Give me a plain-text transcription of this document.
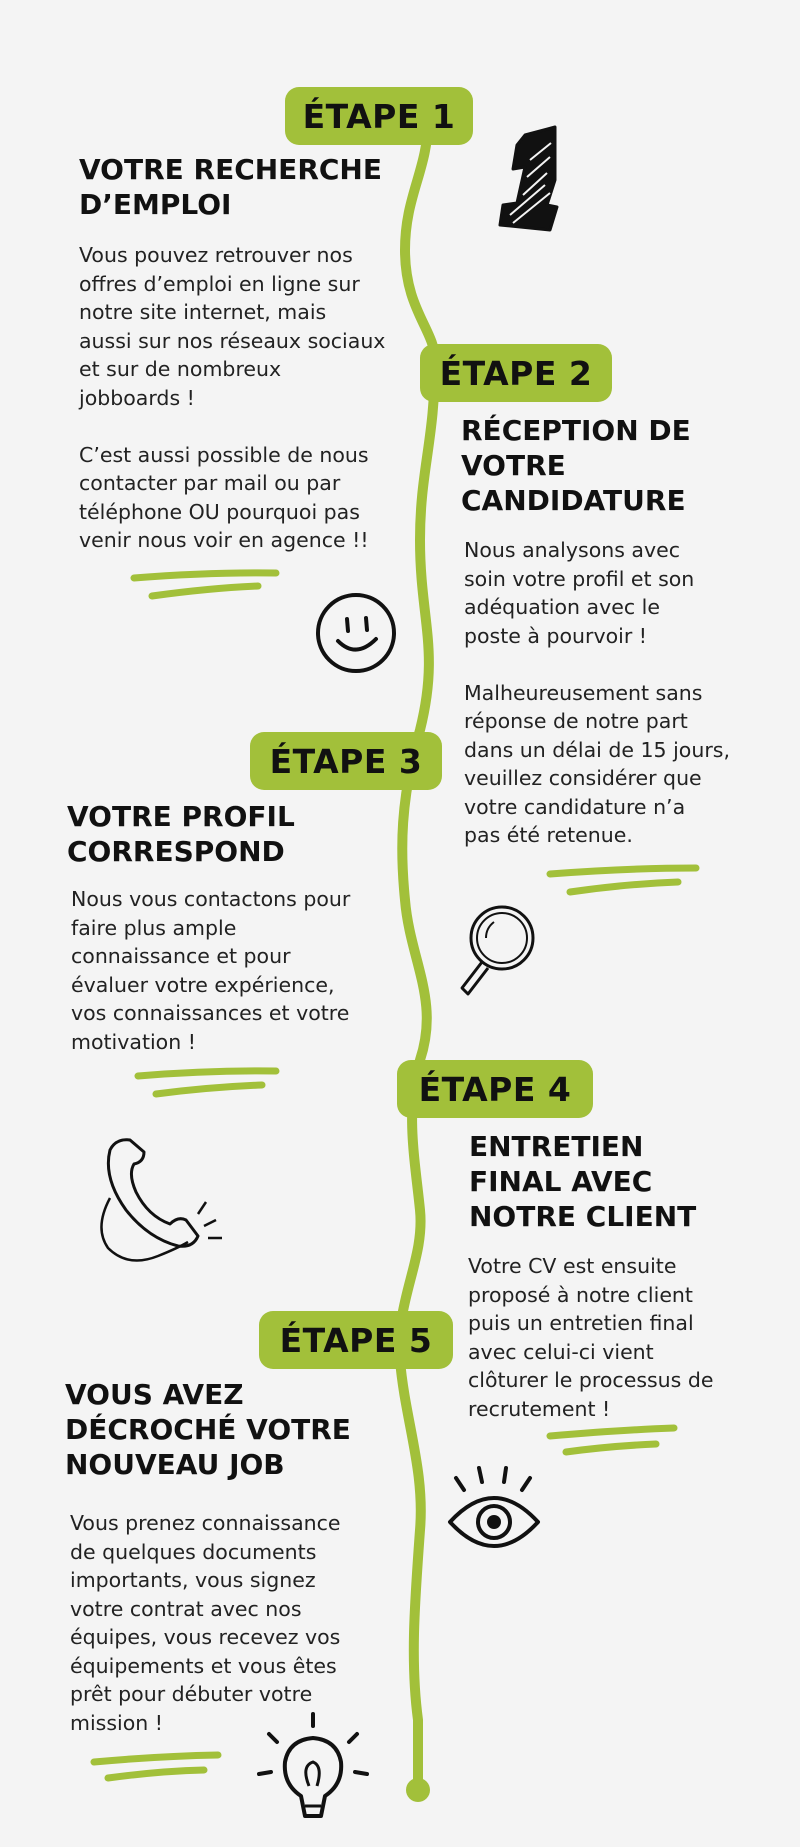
ÉTAPE 1
VOTRE RECHERCHE
D’EMPLOI
Vous pouvez retrouver nos
offres d’emploi en ligne sur
notre site internet, mais
aussi sur nos réseaux sociaux
et sur de nombreux
jobboards !

C’est aussi possible de nous
contacter par mail ou par
téléphone OU pourquoi pas
venir nous voir en agence !!
ÉTAPE 2
RÉCEPTION DE
VOTRE
CANDIDATURE
Nous analysons avec
soin votre profil et son
adéquation avec le
poste à pourvoir !

Malheureusement sans
réponse de notre part
dans un délai de 15 jours,
veuillez considérer que
votre candidature n’a
pas été retenue.
ÉTAPE 3
VOTRE PROFIL
CORRESPOND
Nous vous contactons pour
faire plus ample
connaissance et pour
évaluer votre expérience,
vos connaissances et votre
motivation !
ÉTAPE 4
ENTRETIEN
FINAL AVEC
NOTRE CLIENT
Votre CV est ensuite
proposé à notre client
puis un entretien final
avec celui-ci vient
clôturer le processus de
recrutement !
ÉTAPE 5
VOUS AVEZ
DÉCROCHÉ VOTRE
NOUVEAU JOB
Vous prenez connaissance
de quelques documents
importants, vous signez
votre contrat avec nos
équipes, vous recevez vos
équipements et vous êtes
prêt pour débuter votre
mission !
